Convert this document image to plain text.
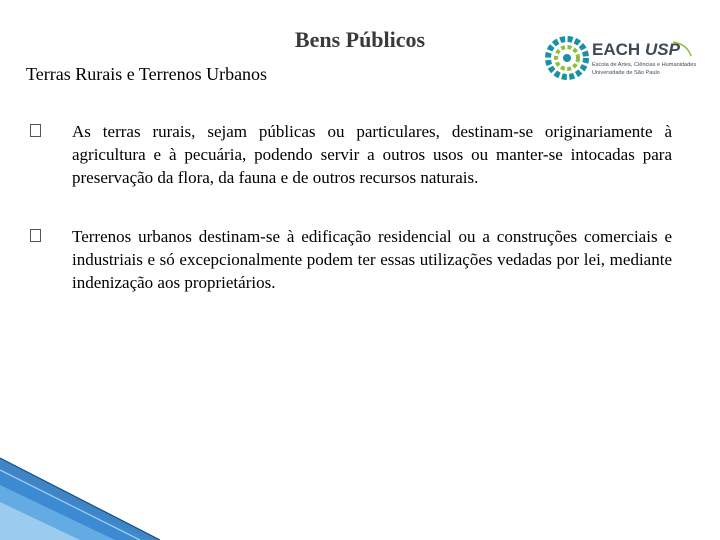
Bens Públicos
Terras Rurais e Terrenos Urbanos
EACH USP
Escola de Artes, Ciências e Humanidades
Universidade de São Paulo
As terras rurais, sejam públicas ou particulares, destinam-se originariamente à agricultura e à pecuária, podendo servir a outros usos ou manter-se intocadas para preservação da flora, da fauna e de outros recursos naturais.
Terrenos urbanos destinam-se à edificação residencial ou a construções comerciais e industriais e só excepcionalmente podem ter essas utilizações vedadas por lei, mediante indenização aos proprietários.
